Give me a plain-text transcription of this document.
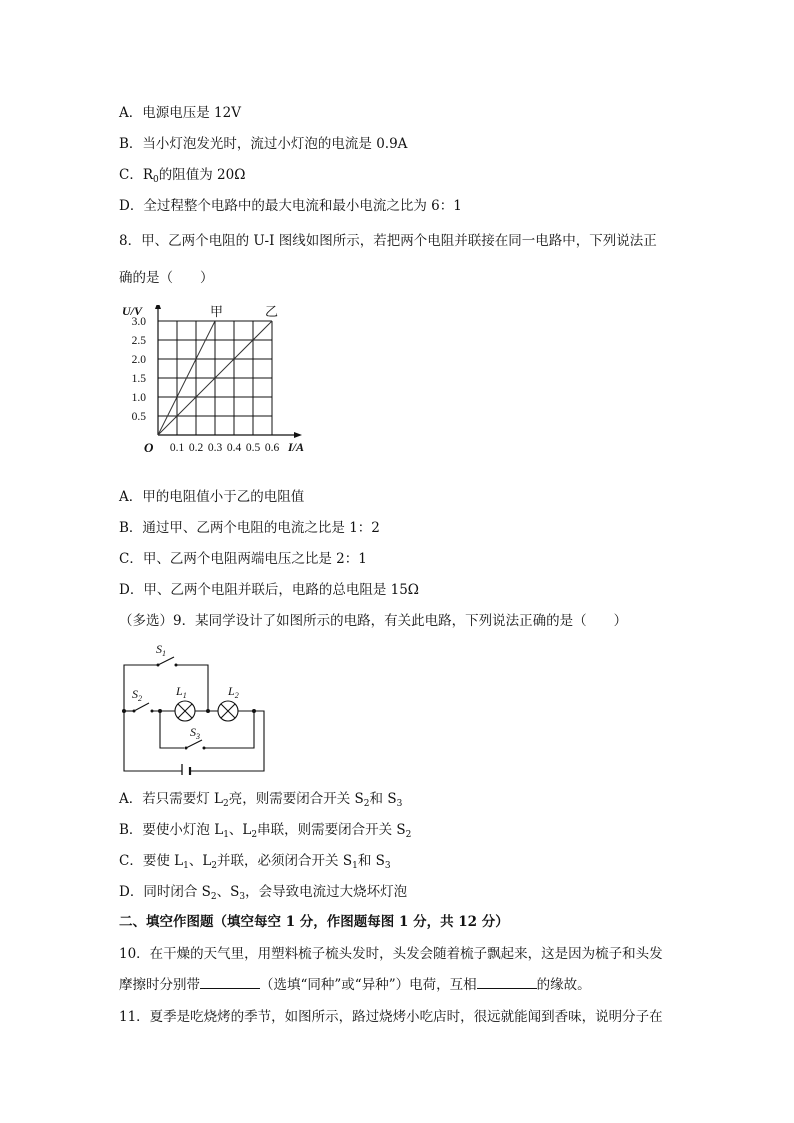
A．电源电压是 12V
B．当小灯泡发光时，流过小灯泡的电流是 0.9A
C．$R_0$的阻值为 20Ω
D．全过程整个电路中的最大电流和最小电流之比为 6：1
8．甲、乙两个电阻的 U-I 图线如图所示，若把两个电阻并联接在同一电路中，下列说法正
确的是（　　）
甲	乙
0.1 0.2 0.3 0.4 0.5 0.6
0.5
1.0
1.5
2.0
2.5
3.0
O	I/A
U/V
A．甲的电阻值小于乙的电阻值
B．通过甲、乙两个电阻的电流之比是 1：2
C．甲、乙两个电阻两端电压之比是 2：1
D．甲、乙两个电阻并联后，电路的总电阻是 15Ω
（多选）9．某同学设计了如图所示的电路，有关此电路，下列说法正确的是（　　）
$S_1$
$S_2$
$L_1$	$L_2$
$S_3$
A．若只需要灯 $L_2$亮，则需要闭合开关 $S_2$和 $S_3$
B．要使小灯泡 $L_1$、$L_2$串联，则需要闭合开关 $S_2$
C．要使 $L_1$、$L_2$并联，必须闭合开关 $S_1$和 $S_3$
D．同时闭合 $S_2$、$S_3$，会导致电流过大烧坏灯泡
二、填空作图题（填空每空 1 分，作图题每图 1 分，共 12 分）
10．在干燥的天气里，用塑料梳子梳头发时，头发会随着梳子飘起来，这是因为梳子和头发
摩擦时分别带	（选填“同种”或“异种”）电荷，互相	的缘故。
11．夏季是吃烧烤的季节，如图所示，路过烧烤小吃店时，很远就能闻到香味，说明分子在
